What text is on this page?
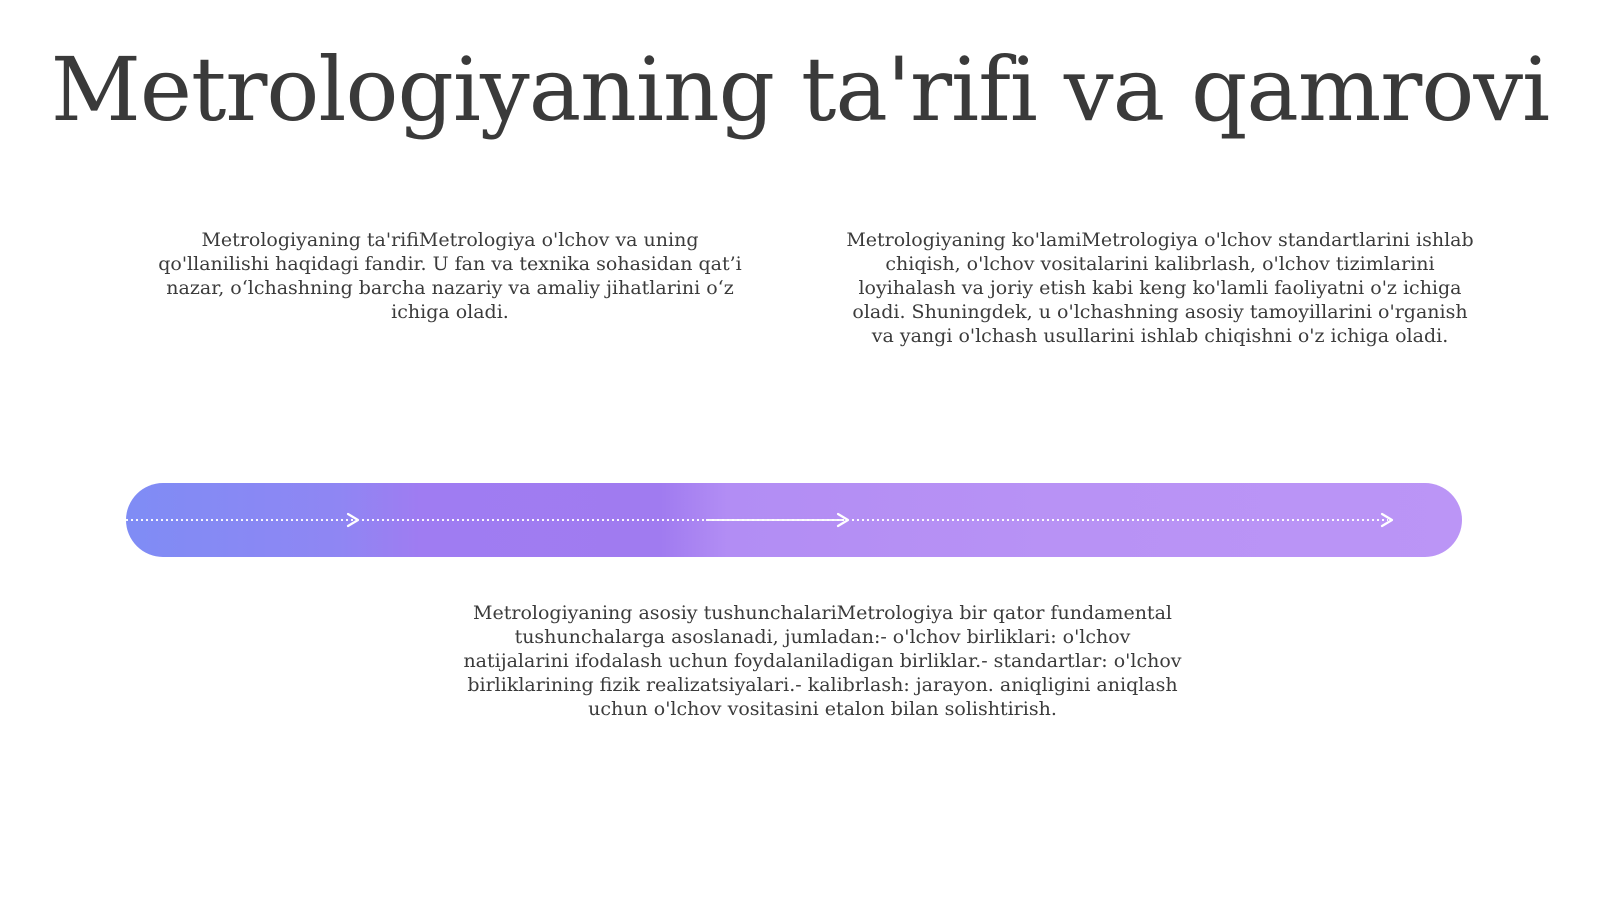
Metrologiyaning ta'rifi va qamrovi

Metrologiyaning ta'rifiMetrologiya o'lchov va uning qo'llanilishi haqidagi fandir. U fan va texnika sohasidan qat’i nazar, o‘lchashning barcha nazariy va amaliy jihatlarini o‘z ichiga oladi.

Metrologiyaning ko'lamiMetrologiya o'lchov standartlarini ishlab chiqish, o'lchov vositalarini kalibrlash, o'lchov tizimlarini loyihalash va joriy etish kabi keng ko'lamli faoliyatni o'z ichiga oladi. Shuningdek, u o'lchashning asosiy tamoyillarini o'rganish va yangi o'lchash usullarini ishlab chiqishni o'z ichiga oladi.

Metrologiyaning asosiy tushunchalariMetrologiya bir qator fundamental tushunchalarga asoslanadi, jumladan:- o'lchov birliklari: o'lchov natijalarini ifodalash uchun foydalaniladigan birliklar.- standartlar: o'lchov birliklarining fizik realizatsiyalari.- kalibrlash: jarayon. aniqligini aniqlash uchun o'lchov vositasini etalon bilan solishtirish.
